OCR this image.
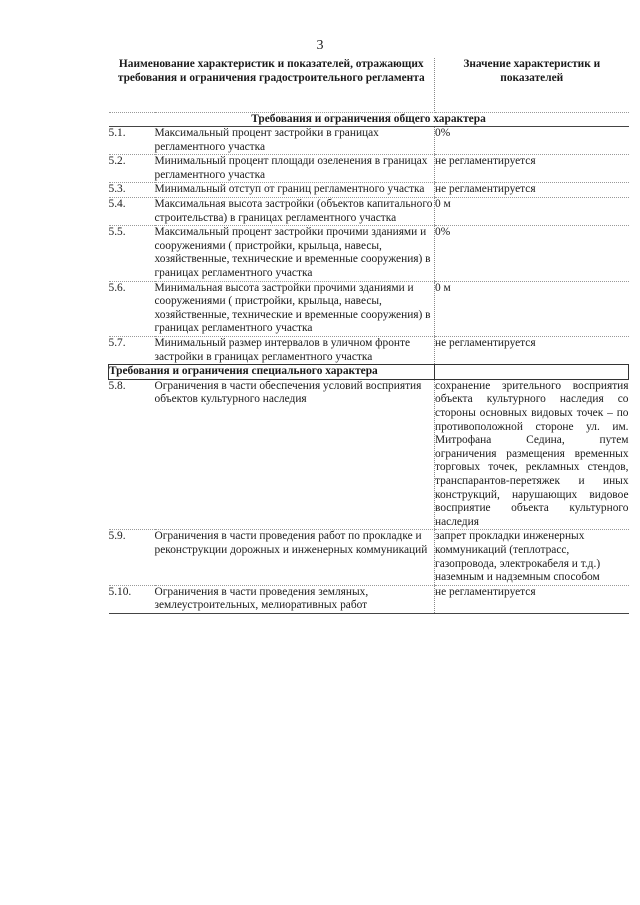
3
Наименование характеристик и показателей, отражающих требования и ограничения градостроительного регламента		Значение характеристик и показателей
Требования и ограничения общего характера		
5.1.	Максимальный процент застройки в границах регламентного участка	0%
5.2.	Минимальный процент площади озеленения в границах регламентного участка	не регламентируется
5.3.	Минимальный отступ от границ регламентного участка	не регламентируется
5.4.	Максимальная высота застройки (объектов капитального строительства) в границах регламентного участка	0 м
5.5.	Максимальный процент застройки прочими зданиями и сооружениями ( пристройки, крыльца, навесы, хозяйственные, технические и временные сооружения) в границах регламентного участка	0%
5.6.	Минимальная высота застройки прочими зданиями и сооружениями ( пристройки, крыльца, навесы, хозяйственные, технические и временные сооружения) в границах регламентного участка	0 м
5.7.	Минимальный размер интервалов в уличном фронте застройки в границах регламентного участка	не регламентируется
Требования и ограничения специального характера		
5.8.	Ограничения в части обеспечения условий восприятия объектов культурного наследия	сохранение зрительного восприятия объекта культурного наследия со стороны основных видовых точек – по противоположной стороне ул. им. Митрофана Седина, путем ограничения размещения временных торговых точек, рекламных стендов, транспарантов-перетяжек и иных конструкций, нарушающих видовое восприятие объекта культурного наследия
5.9.	Ограничения в части проведения работ по прокладке и реконструкции дорожных и инженерных коммуникаций	запрет прокладки инженерных коммуникаций (теплотрасс, газопровода, электрокабеля и т.д.) наземным и надземным способом
5.10.	Ограничения в части проведения земляных, землеустроительных, мелиоративных работ	не регламентируется
